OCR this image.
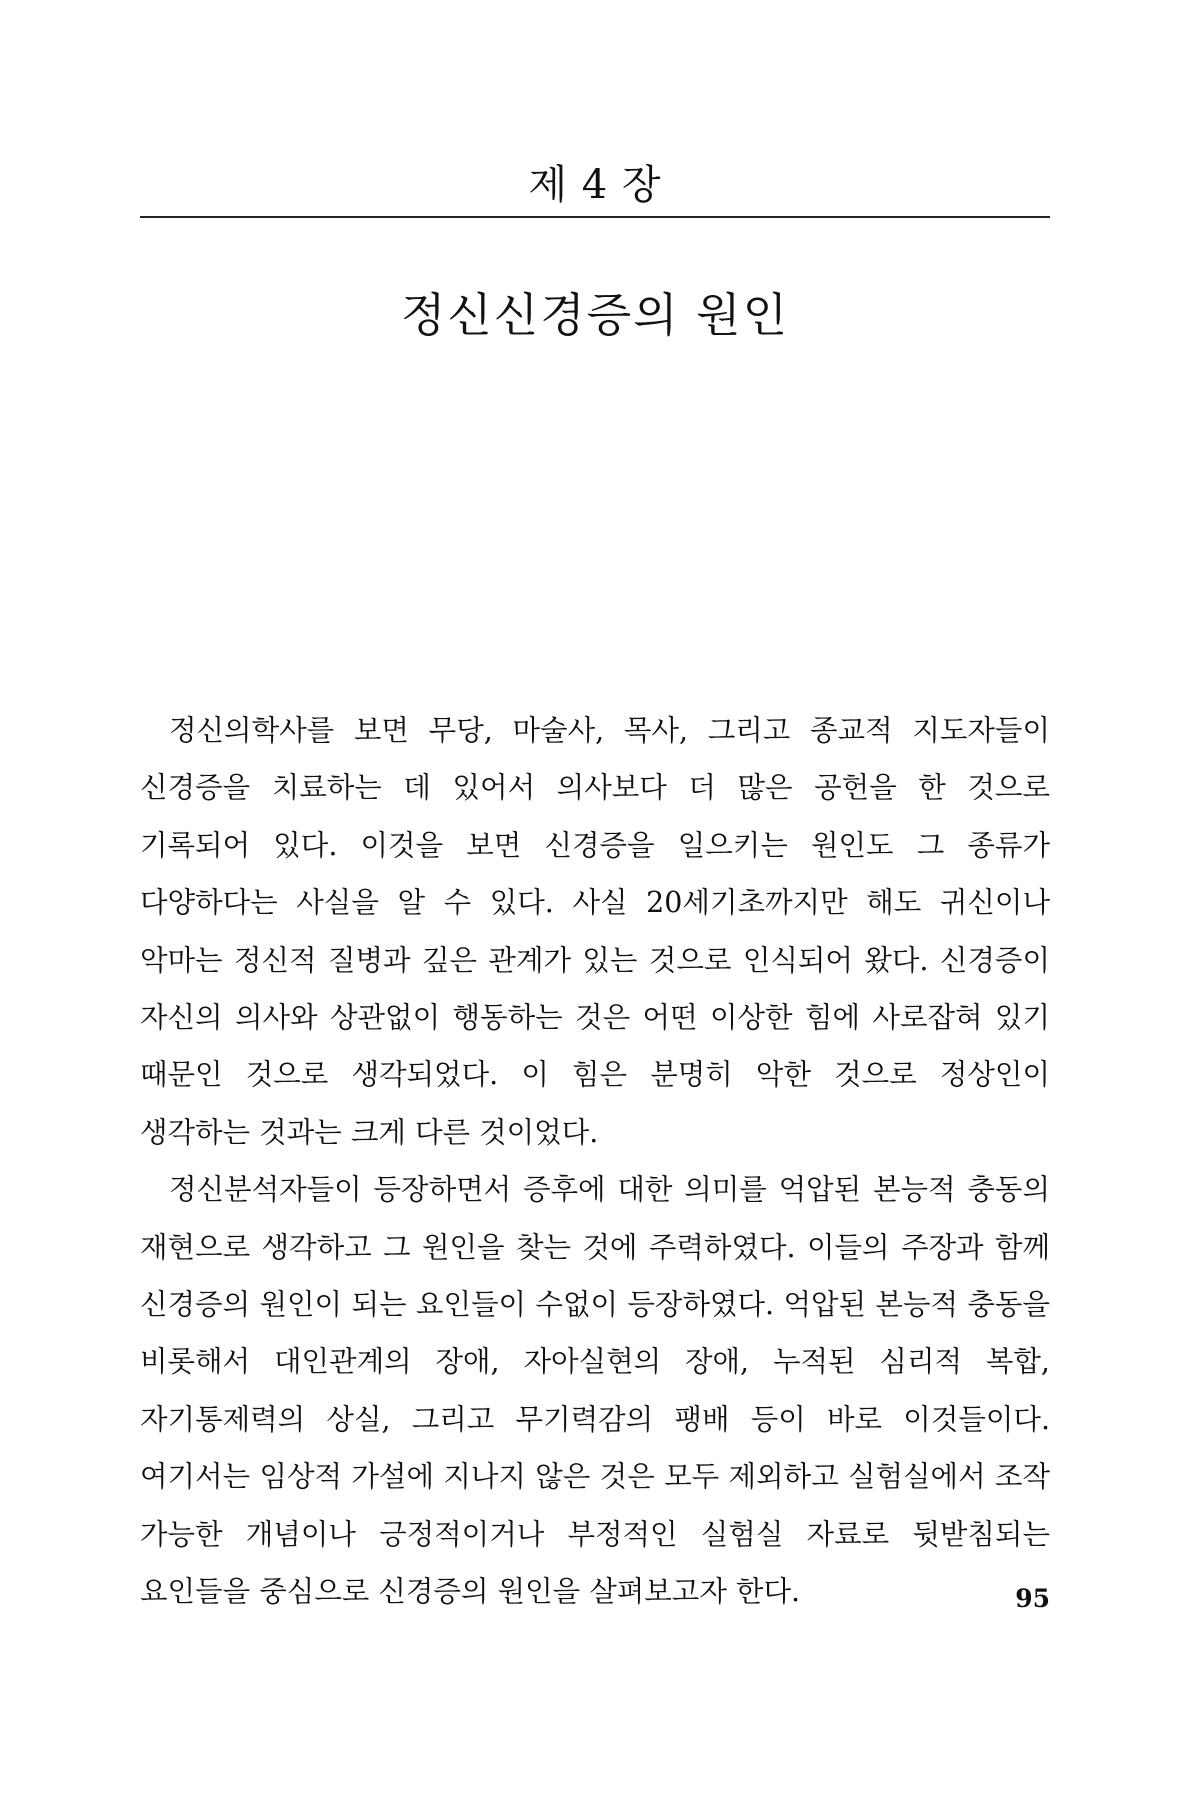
제 4 장
정신신경증의 원인

정신의학사를 보면 무당, 마술사, 목사, 그리고 종교적 지도자들이 신경증을 치료하는 데 있어서 의사보다 더 많은 공헌을 한 것으로 기록되어 있다. 이것을 보면 신경증을 일으키는 원인도 그 종류가 다양하다는 사실을 알 수 있다. 사실 20세기초까지만 해도 귀신이나 악마는 정신적 질병과 깊은 관계가 있는 것으로 인식되어 왔다. 신경증이 자신의 의사와 상관없이 행동하는 것은 어떤 이상한 힘에 사로잡혀 있기 때문인 것으로 생각되었다. 이 힘은 분명히 악한 것으로 정상인이 생각하는 것과는 크게 다른 것이었다.

정신분석자들이 등장하면서 증후에 대한 의미를 억압된 본능적 충동의 재현으로 생각하고 그 원인을 찾는 것에 주력하였다. 이들의 주장과 함께 신경증의 원인이 되는 요인들이 수없이 등장하였다. 억압된 본능적 충동을 비롯해서 대인관계의 장애, 자아실현의 장애, 누적된 심리적 복합, 자기통제력의 상실, 그리고 무기력감의 팽배 등이 바로 이것들이다. 여기서는 임상적 가설에 지나지 않은 것은 모두 제외하고 실험실에서 조작 가능한 개념이나 긍정적이거나 부정적인 실험실 자료로 뒷받침되는 요인들을 중심으로 신경증의 원인을 살펴보고자 한다.	95
